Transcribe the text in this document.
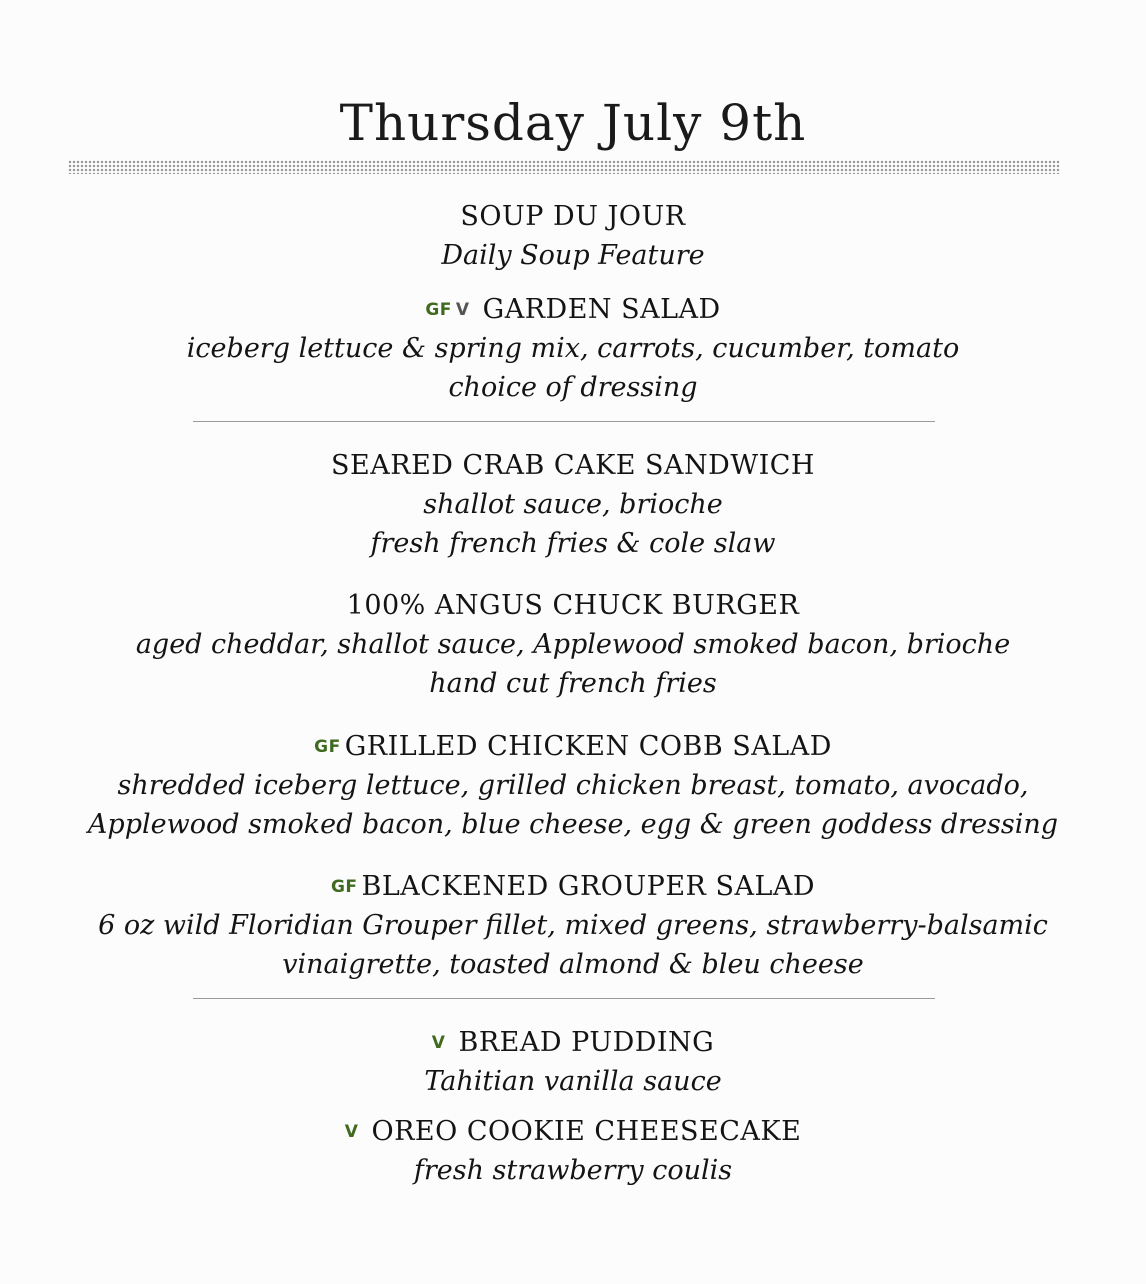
Thursday July 9th
SOUP DU JOUR
Daily Soup Feature
GF V GARDEN SALAD
iceberg lettuce & spring mix, carrots, cucumber, tomato
choice of dressing
SEARED CRAB CAKE SANDWICH
shallot sauce, brioche
fresh french fries & cole slaw
100% ANGUS CHUCK BURGER
aged cheddar, shallot sauce, Applewood smoked bacon, brioche
hand cut french fries
GF GRILLED CHICKEN COBB SALAD
shredded iceberg lettuce, grilled chicken breast, tomato, avocado,
Applewood smoked bacon, blue cheese, egg & green goddess dressing
GF BLACKENED GROUPER SALAD
6 oz wild Floridian Grouper fillet, mixed greens, strawberry-balsamic
vinaigrette, toasted almond & bleu cheese
V BREAD PUDDING
Tahitian vanilla sauce
V OREO COOKIE CHEESECAKE
fresh strawberry coulis
